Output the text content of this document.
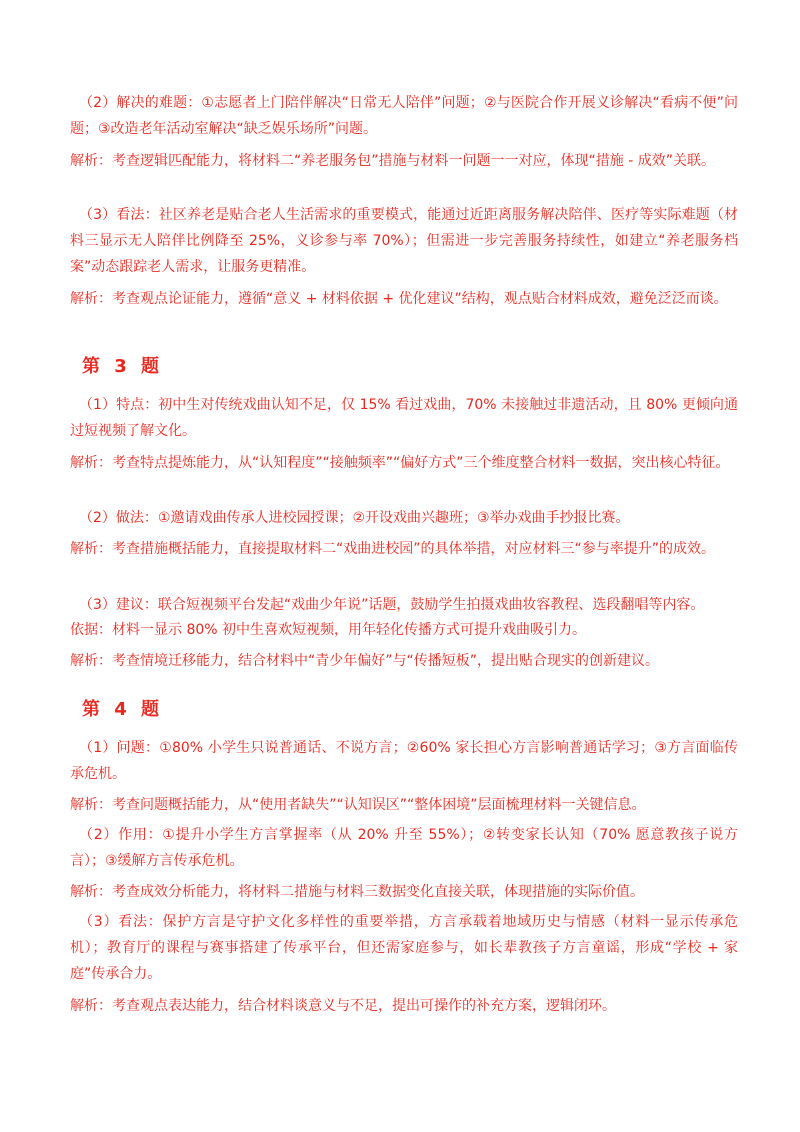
（2）解决的难题：①志愿者上门陪伴解决“日常无人陪伴”问题；②与医院合作开展义诊解决“看病不便”问题；③改造老年活动室解决“缺乏娱乐场所”问题。

解析：考查逻辑匹配能力，将材料二“养老服务包”措施与材料一问题一一对应，体现“措施 - 成效”关联。

（3）看法：社区养老是贴合老人生活需求的重要模式，能通过近距离服务解决陪伴、医疗等实际难题（材料三显示无人陪伴比例降至 25%，义诊参与率 70%）；但需进一步完善服务持续性，如建立“养老服务档案”动态跟踪老人需求，让服务更精准。

解析：考查观点论证能力，遵循“意义 + 材料依据 + 优化建议”结构，观点贴合材料成效，避免泛泛而谈。

第 3 题

（1）特点：初中生对传统戏曲认知不足，仅 15% 看过戏曲，70% 未接触过非遗活动，且 80% 更倾向通过短视频了解文化。

解析：考查特点提炼能力，从“认知程度”“接触频率”“偏好方式”三个维度整合材料一数据，突出核心特征。

（2）做法：①邀请戏曲传承人进校园授课；②开设戏曲兴趣班；③举办戏曲手抄报比赛。

解析：考查措施概括能力，直接提取材料二“戏曲进校园”的具体举措，对应材料三“参与率提升”的成效。

（3）建议：联合短视频平台发起“戏曲少年说”话题，鼓励学生拍摄戏曲妆容教程、选段翻唱等内容。

依据：材料一显示 80% 初中生喜欢短视频，用年轻化传播方式可提升戏曲吸引力。

解析：考查情境迁移能力，结合材料中“青少年偏好”与“传播短板”，提出贴合现实的创新建议。

第 4 题

（1）问题：①80% 小学生只说普通话、不说方言；②60% 家长担心方言影响普通话学习；③方言面临传承危机。

解析：考查问题概括能力，从“使用者缺失”“认知误区”“整体困境”层面梳理材料一关键信息。

（2）作用：①提升小学生方言掌握率（从 20% 升至 55%）；②转变家长认知（70% 愿意教孩子说方言）；③缓解方言传承危机。

解析：考查成效分析能力，将材料二措施与材料三数据变化直接关联，体现措施的实际价值。

（3）看法：保护方言是守护文化多样性的重要举措，方言承载着地域历史与情感（材料一显示传承危机）；教育厅的课程与赛事搭建了传承平台，但还需家庭参与，如长辈教孩子方言童谣，形成“学校 + 家庭”传承合力。

解析：考查观点表达能力，结合材料谈意义与不足，提出可操作的补充方案，逻辑闭环。
